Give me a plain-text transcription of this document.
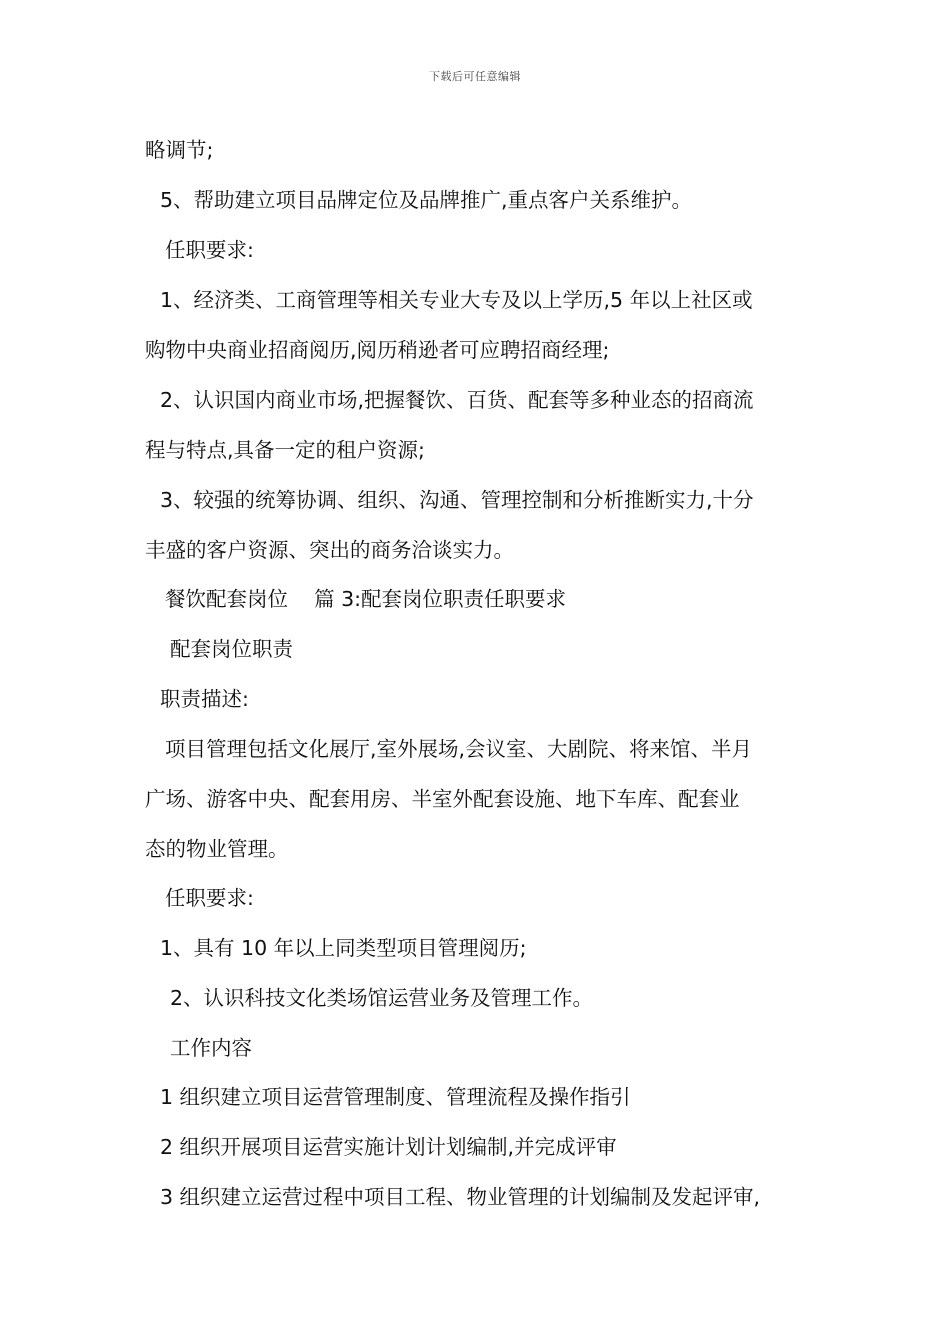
下载后可任意编辑
略调节;
5、帮助建立项目品牌定位及品牌推广,重点客户关系维护。
任职要求:
1、经济类、工商管理等相关专业大专及以上学历,5 年以上社区或
购物中央商业招商阅历,阅历稍逊者可应聘招商经理;
2、认识国内商业市场,把握餐饮、百货、配套等多种业态的招商流
程与特点,具备一定的租户资源;
3、较强的统筹协调、组织、沟通、管理控制和分析推断实力,十分
丰盛的客户资源、突出的商务洽谈实力。
餐饮配套岗位    篇 3:配套岗位职责任职要求
配套岗位职责
职责描述:
项目管理包括文化展厅,室外展场,会议室、大剧院、将来馆、半月
广场、游客中央、配套用房、半室外配套设施、地下车库、配套业
态的物业管理。
任职要求:
1、具有 10 年以上同类型项目管理阅历;
2、认识科技文化类场馆运营业务及管理工作。
工作内容
1 组织建立项目运营管理制度、管理流程及操作指引
2 组织开展项目运营实施计划计划编制,并完成评审
3 组织建立运营过程中项目工程、物业管理的计划编制及发起评审,
